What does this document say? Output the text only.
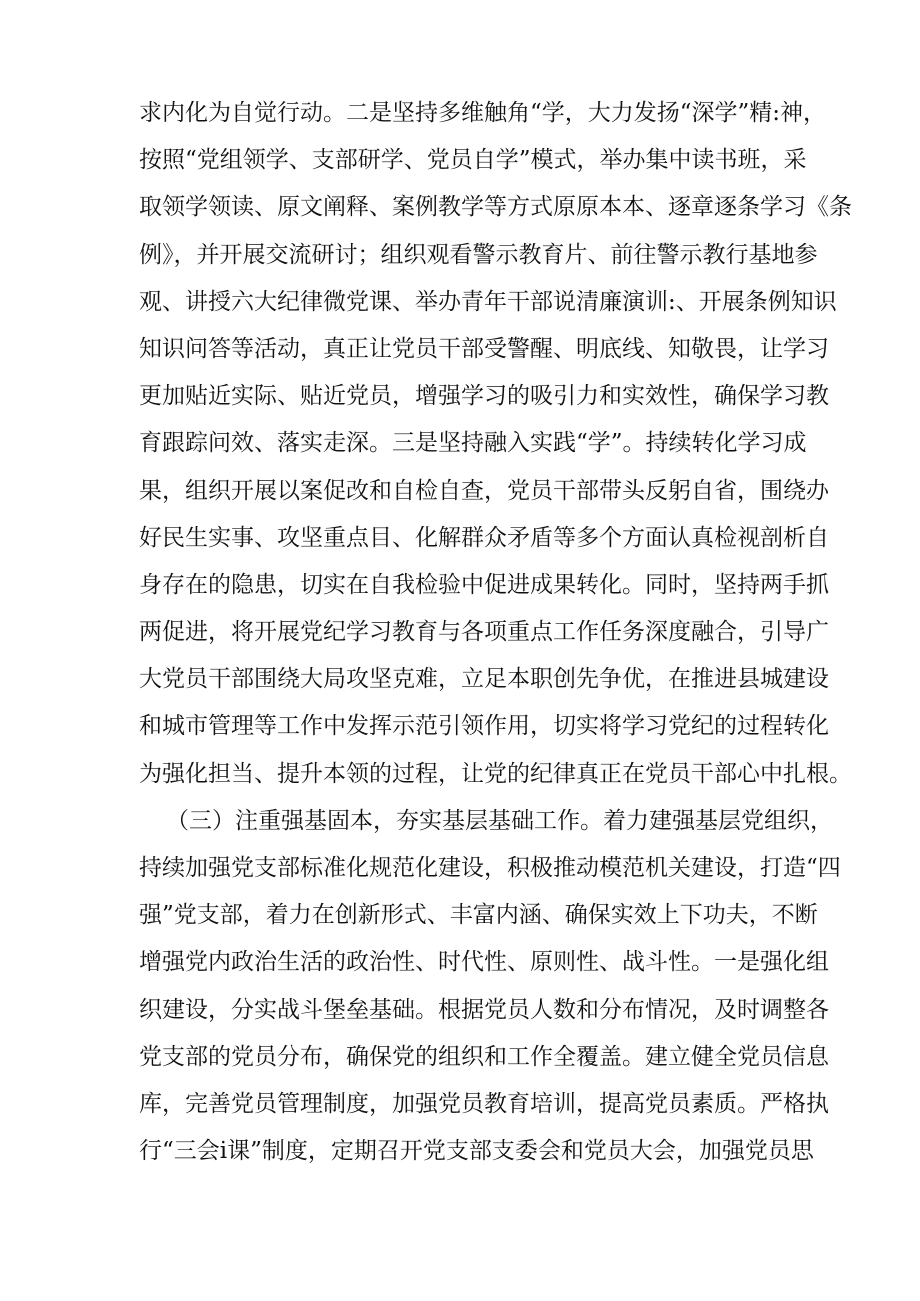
求内化为自觉行动。二是坚持多维触角“学，大力发扬“深学”精:神，
按照“党组领学、支部研学、党员自学”模式，举办集中读书班，采
取领学领读、原文阐释、案例教学等方式原原本本、逐章逐条学习《条
例》，并开展交流研讨；组织观看警示教育片、前往警示教行基地参
观、讲授六大纪律微党课、举办青年干部说清廉演训:、开展条例知识
知识问答等活动，真正让党员干部受警醒、明底线、知敬畏，让学习
更加贴近实际、贴近党员，增强学习的吸引力和实效性，确保学习教
育跟踪问效、落实走深。三是坚持融入实践“学”。持续转化学习成
果，组织开展以案促改和自检自查，党员干部带头反躬自省，围绕办
好民生实事、攻坚重点目、化解群众矛盾等多个方面认真检视剖析自
身存在的隐患，切实在自我检验中促进成果转化。同时，坚持两手抓
两促进，将开展党纪学习教育与各项重点工作任务深度融合，引导广
大党员干部围绕大局攻坚克难，立足本职创先争优，在推进县城建设
和城市管理等工作中发挥示范引领作用，切实将学习党纪的过程转化
为强化担当、提升本领的过程，让党的纪律真正在党员干部心中扎根。
（三）注重强基固本，夯实基层基础工作。着力建强基层党组织，
持续加强党支部标准化规范化建设，积极推动模范机关建设，打造“四
强”党支部，着力在创新形式、丰富内涵、确保实效上下功夫，不断
增强党内政治生活的政治性、时代性、原则性、战斗性。一是强化组
织建设，分实战斗堡垒基础。根据党员人数和分布情况，及时调整各
党支部的党员分布，确保党的组织和工作全覆盖。建立健全党员信息
库，完善党员管理制度，加强党员教育培训，提高党员素质。严格执
行“三会i课”制度，定期召开党支部支委会和党员大会，加强党员思
